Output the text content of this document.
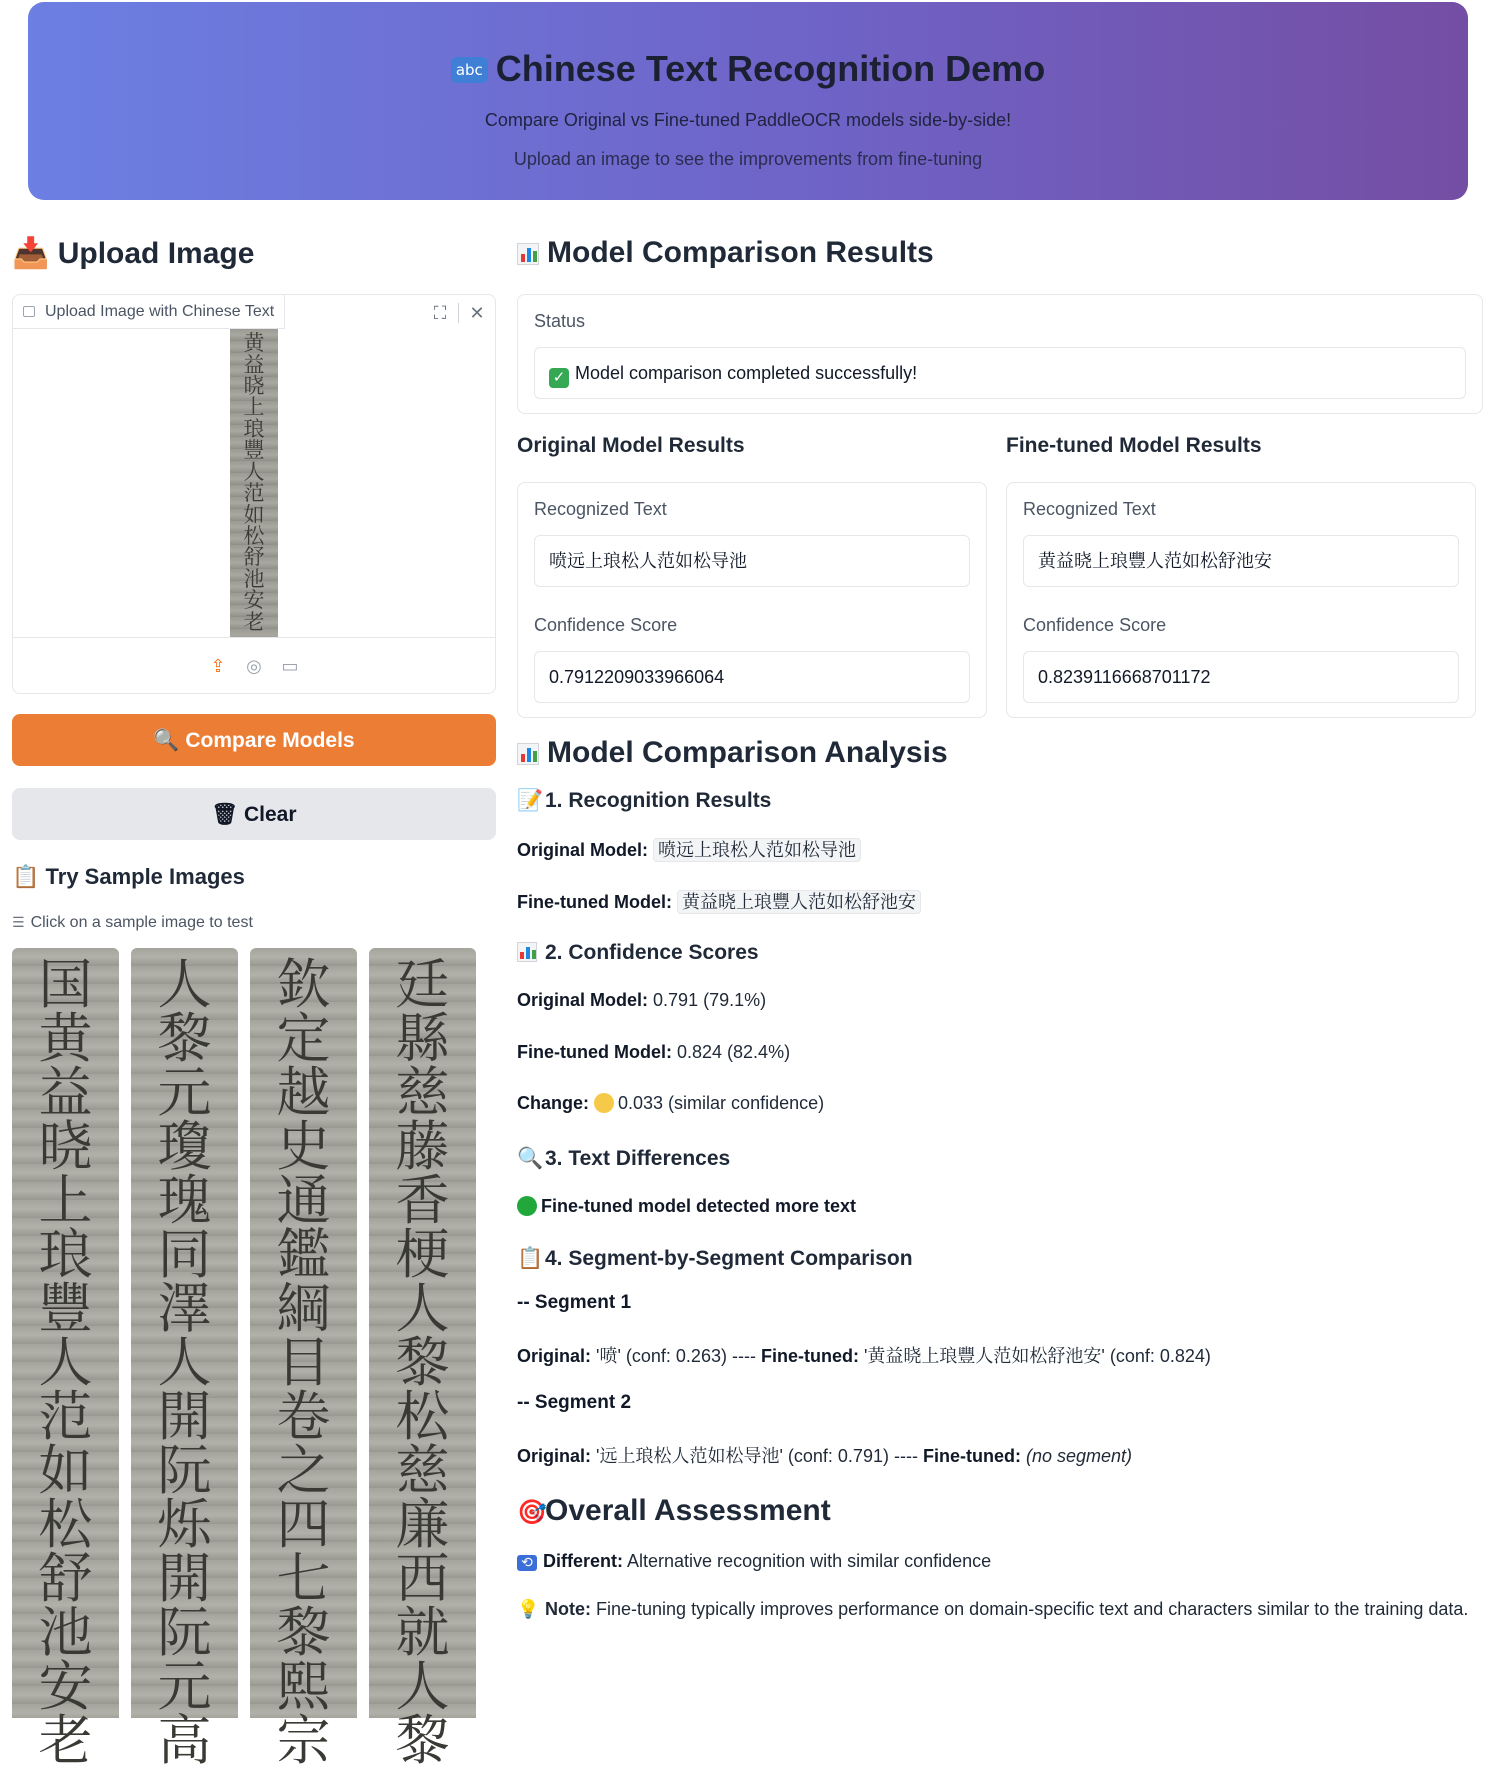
abc Chinese Text Recognition Demo
Compare Original vs Fine-tuned PaddleOCR models side-by-side!
Upload an image to see the improvements from fine-tuning
📥 Upload Image
Upload Image with Chinese Text	⛶	✕
黄
益
晓
上
琅
豐
人
范
如
松
舒
池
安
老
⇪ ◎ ▭
🔍 Compare Models
🗑 Clear
📋 Try Sample Images
☰ Click on a sample image to test
国
黄
益
晓
上
琅
豐
人
范
如
松
舒
池
安
老
人
黎
元
瓊
瑰
同
澤
人
開
阮
烁
開
阮
元
高
欽
定
越
史
通
鑑
綱
目
卷
之
四
七
黎
熙
宗
廷
縣
慈
藤
香
梗
人
黎
松
慈
廉
西
就
人
黎
Model Comparison Results
Status
✓ Model comparison completed successfully!
Original Model Results	Fine-tuned Model Results
Recognized Text
喷远上琅松人范如松导池
Confidence Score
0.7912209033966064
Recognized Text
黄益晓上琅豐人范如松舒池安
Confidence Score
0.8239116668701172
Model Comparison Analysis
📝1. Recognition Results
Original Model: 喷远上琅松人范如松导池
Fine-tuned Model: 黄益晓上琅豐人范如松舒池安
2. Confidence Scores
Original Model: 0.791 (79.1%)
Fine-tuned Model: 0.824 (82.4%)
Change: 0.033 (similar confidence)
🔍3. Text Differences
Fine-tuned model detected more text
📋4. Segment-by-Segment Comparison
-- Segment 1
Original: '喷' (conf: 0.263) ---- Fine-tuned: '黄益晓上琅豐人范如松舒池安' (conf: 0.824)
-- Segment 2
Original: '远上琅松人范如松导池' (conf: 0.791) ---- Fine-tuned: (no segment)
🎯Overall Assessment
⟲ Different: Alternative recognition with similar confidence
💡 Note: Fine-tuning typically improves performance on domain-specific text and characters similar to the training data.
